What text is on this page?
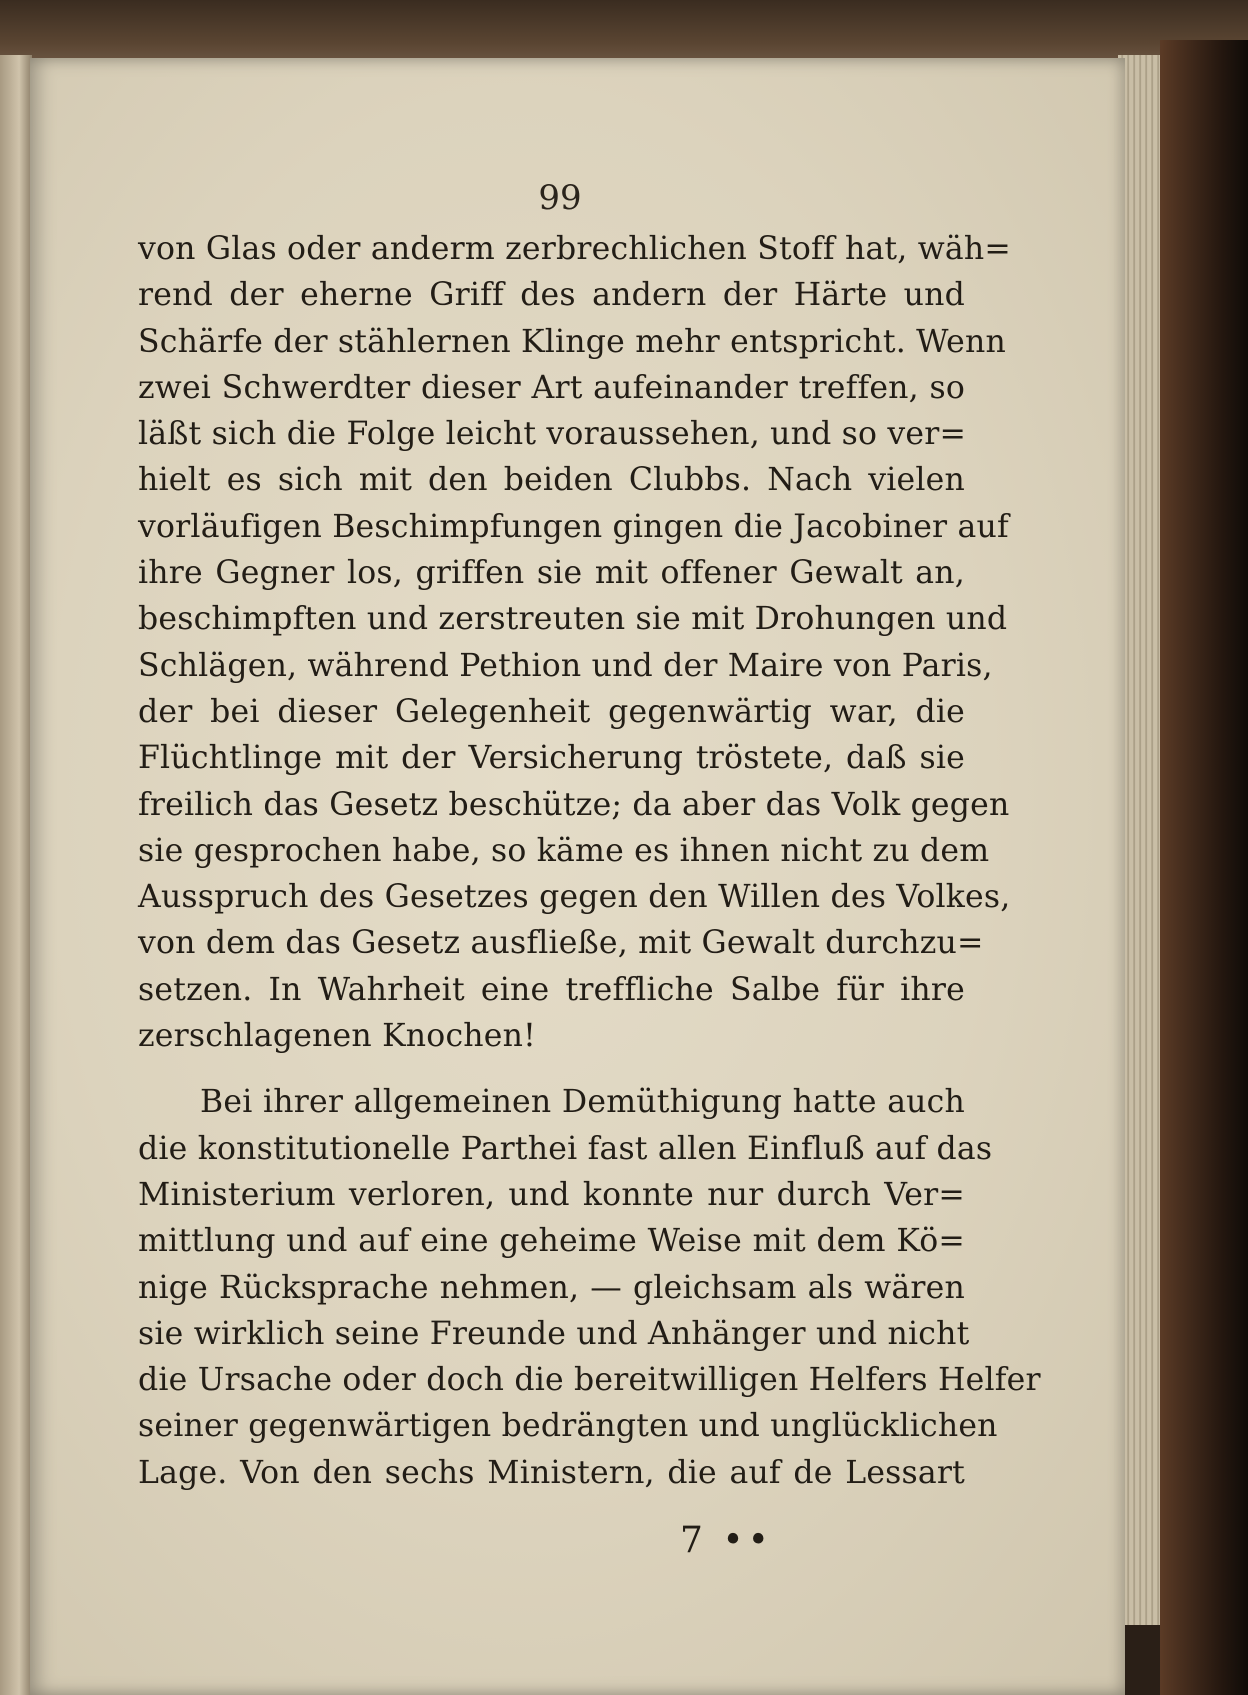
99
von Glas oder anderm zerbrechlichen Stoff hat, wäh=
rend der eherne Griff des andern der Härte und
Schärfe der stählernen Klinge mehr entspricht. Wenn
zwei Schwerdter dieser Art aufeinander treffen, so
läßt sich die Folge leicht voraussehen, und so ver=
hielt es sich mit den beiden Clubbs. Nach vielen
vorläufigen Beschimpfungen gingen die Jacobiner auf
ihre Gegner los, griffen sie mit offener Gewalt an,
beschimpften und zerstreuten sie mit Drohungen und
Schlägen, während Pethion und der Maire von Paris,
der bei dieser Gelegenheit gegenwärtig war, die
Flüchtlinge mit der Versicherung tröstete, daß sie
freilich das Gesetz beschütze; da aber das Volk gegen
sie gesprochen habe, so käme es ihnen nicht zu dem
Ausspruch des Gesetzes gegen den Willen des Volkes,
von dem das Gesetz ausfließe, mit Gewalt durchzu=
setzen. In Wahrheit eine treffliche Salbe für ihre
zerschlagenen Knochen!
Bei ihrer allgemeinen Demüthigung hatte auch
die konstitutionelle Parthei fast allen Einfluß auf das
Ministerium verloren, und konnte nur durch Ver=
mittlung und auf eine geheime Weise mit dem Kö=
nige Rücksprache nehmen, — gleichsam als wären
sie wirklich seine Freunde und Anhänger und nicht
die Ursache oder doch die bereitwilligen Helfers Helfer
seiner gegenwärtigen bedrängten und unglücklichen
Lage. Von den sechs Ministern, die auf de Lessart
7 ••
